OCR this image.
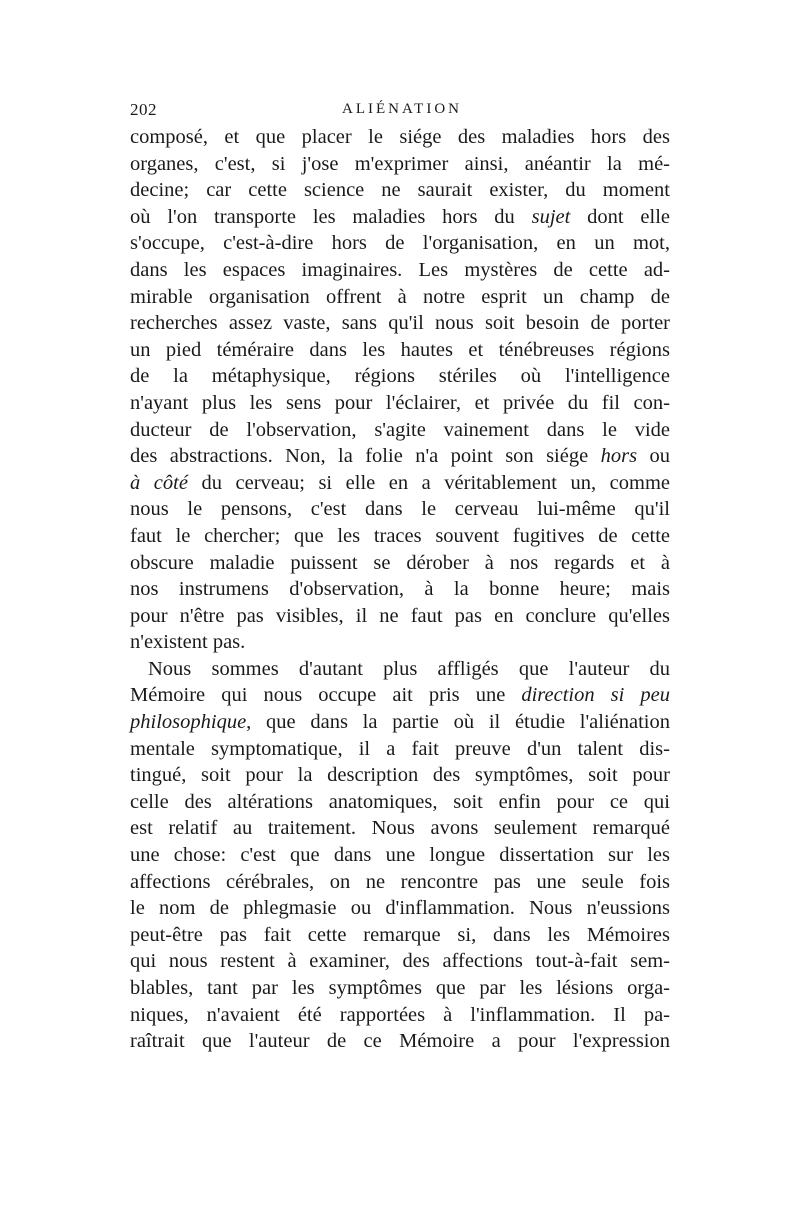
202	ALIÉNATION
composé, et que placer le siége des maladies hors des
organes, c'est, si j'ose m'exprimer ainsi, anéantir la mé-
decine; car cette science ne saurait exister, du moment
où l'on transporte les maladies hors du sujet dont elle
s'occupe, c'est-à-dire hors de l'organisation, en un mot,
dans les espaces imaginaires. Les mystères de cette ad-
mirable organisation offrent à notre esprit un champ de
recherches assez vaste, sans qu'il nous soit besoin de porter
un pied téméraire dans les hautes et ténébreuses régions
de la métaphysique, régions stériles où l'intelligence
n'ayant plus les sens pour l'éclairer, et privée du fil con-
ducteur de l'observation, s'agite vainement dans le vide
des abstractions. Non, la folie n'a point son siége hors ou
à côté du cerveau; si elle en a véritablement un, comme
nous le pensons, c'est dans le cerveau lui-même qu'il
faut le chercher; que les traces souvent fugitives de cette
obscure maladie puissent se dérober à nos regards et à
nos instrumens d'observation, à la bonne heure; mais
pour n'être pas visibles, il ne faut pas en conclure qu'elles
n'existent pas.
Nous sommes d'autant plus affligés que l'auteur du
Mémoire qui nous occupe ait pris une direction si peu
philosophique, que dans la partie où il étudie l'aliénation
mentale symptomatique, il a fait preuve d'un talent dis-
tingué, soit pour la description des symptômes, soit pour
celle des altérations anatomiques, soit enfin pour ce qui
est relatif au traitement. Nous avons seulement remarqué
une chose: c'est que dans une longue dissertation sur les
affections cérébrales, on ne rencontre pas une seule fois
le nom de phlegmasie ou d'inflammation. Nous n'eussions
peut-être pas fait cette remarque si, dans les Mémoires
qui nous restent à examiner, des affections tout-à-fait sem-
blables, tant par les symptômes que par les lésions orga-
niques, n'avaient été rapportées à l'inflammation. Il pa-
raîtrait que l'auteur de ce Mémoire a pour l'expression
